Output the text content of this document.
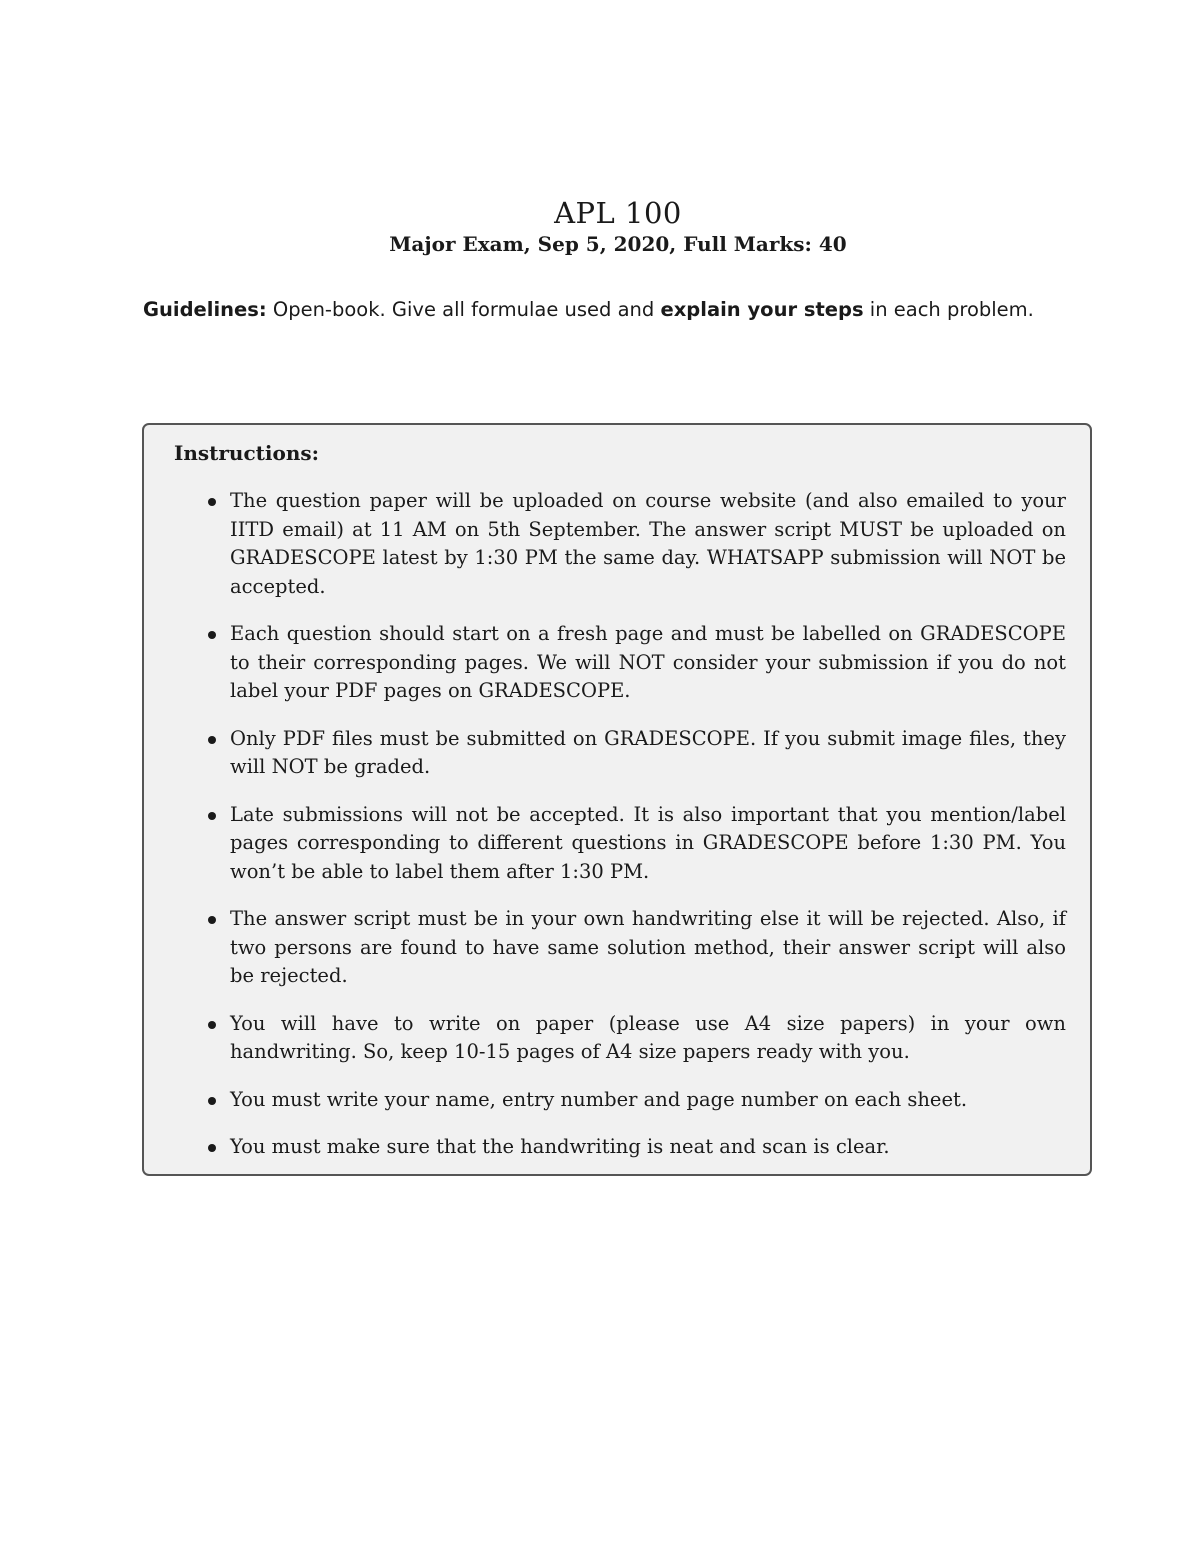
APL 100
Major Exam, Sep 5, 2020, Full Marks: 40

Guidelines: Open-book. Give all formulae used and explain your steps in each problem.

Instructions:
The question paper will be uploaded on course website (and also emailed to your IITD email) at 11 AM on 5th September. The answer script MUST be uploaded on GRADESCOPE latest by 1:30 PM the same day. WHATSAPP submission will NOT be accepted.
Each question should start on a fresh page and must be labelled on GRADESCOPE to their corresponding pages. We will NOT consider your submission if you do not label your PDF pages on GRADESCOPE.
Only PDF files must be submitted on GRADESCOPE. If you submit image files, they will NOT be graded.
Late submissions will not be accepted. It is also important that you mention/label pages corresponding to different questions in GRADESCOPE before 1:30 PM. You won’t be able to label them after 1:30 PM.
The answer script must be in your own handwriting else it will be rejected. Also, if two persons are found to have same solution method, their answer script will also be rejected.
You will have to write on paper (please use A4 size papers) in your own handwriting. So, keep 10-15 pages of A4 size papers ready with you.
You must write your name, entry number and page number on each sheet.
You must make sure that the handwriting is neat and scan is clear.
